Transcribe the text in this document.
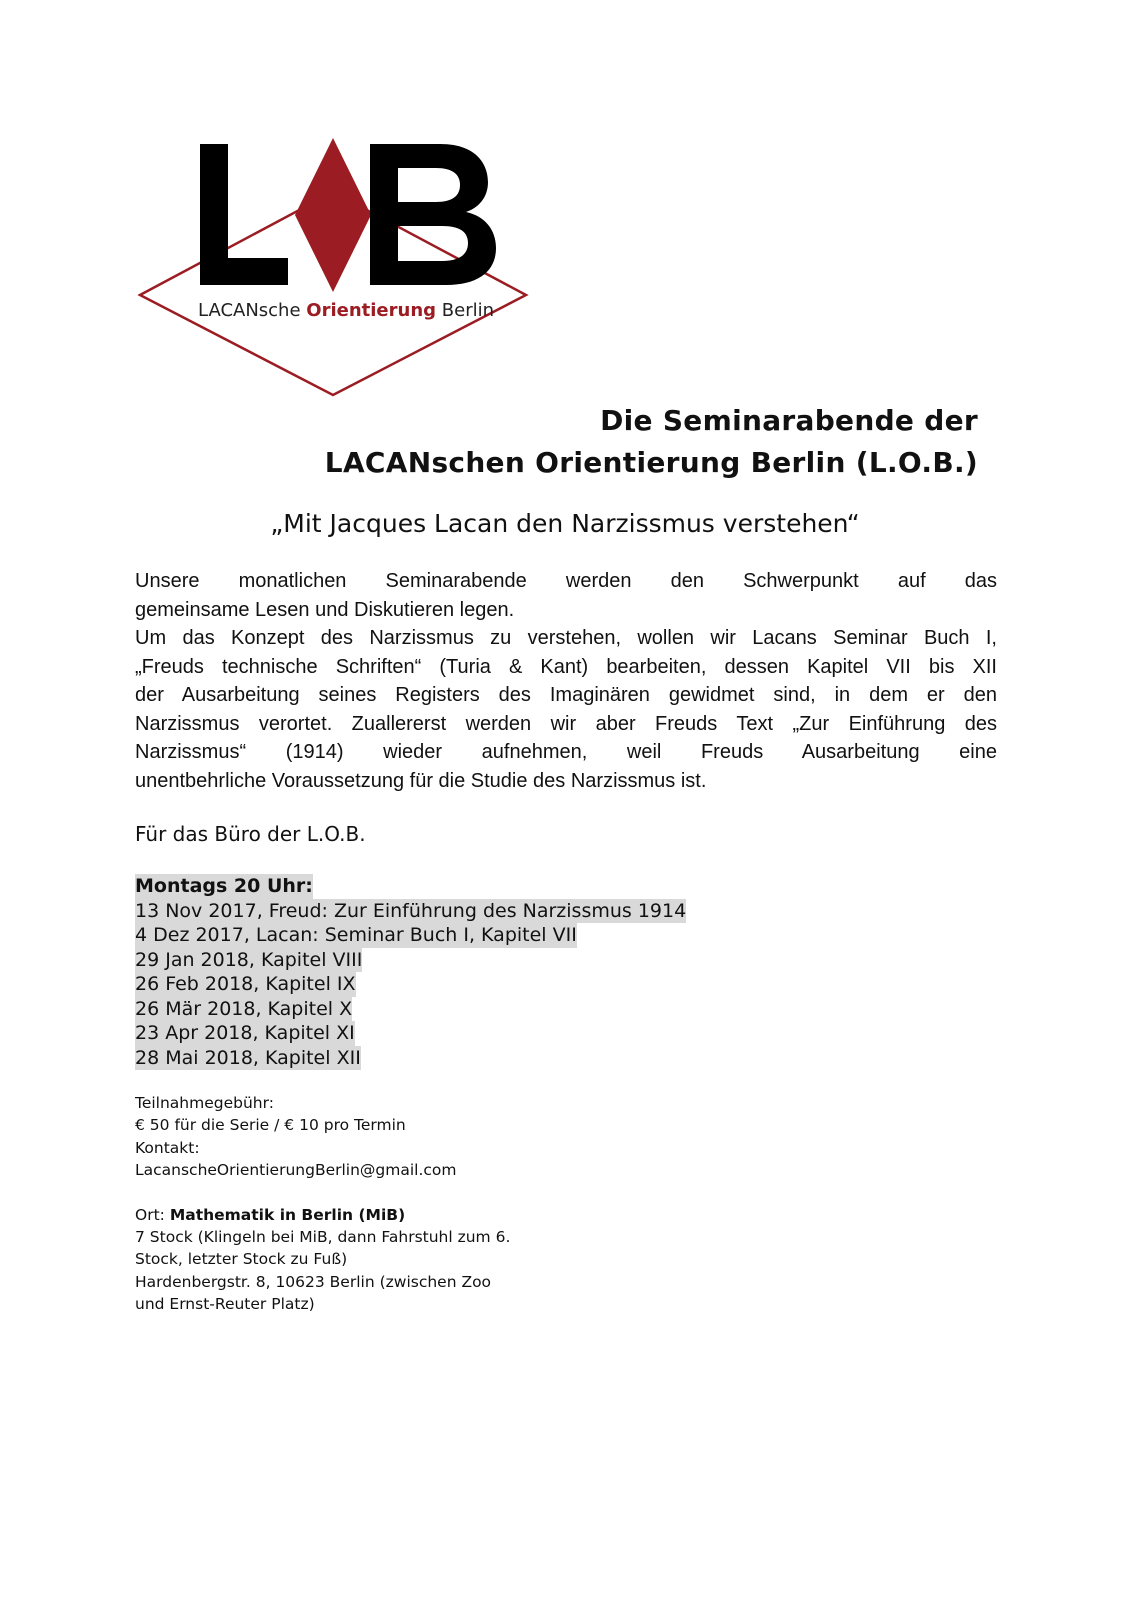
LACANsche Orientierung Berlin
Die Seminarabende der
LACANschen Orientierung Berlin (L.O.B.)
„Mit Jacques Lacan den Narzissmus verstehen“
Unsere monatlichen Seminarabende werden den Schwerpunkt auf das
gemeinsame Lesen und Diskutieren legen.
Um das Konzept des Narzissmus zu verstehen, wollen wir Lacans Seminar Buch I,
„Freuds technische Schriften“ (Turia & Kant) bearbeiten, dessen Kapitel VII bis XII
der Ausarbeitung seines Registers des Imaginären gewidmet sind, in dem er den
Narzissmus verortet. Zuallererst werden wir aber Freuds Text „Zur Einführung des
Narzissmus“ (1914) wieder aufnehmen, weil Freuds Ausarbeitung eine
unentbehrliche Voraussetzung für die Studie des Narzissmus ist.
Für das Büro der L.O.B.
Montags 20 Uhr:
13 Nov 2017, Freud: Zur Einführung des Narzissmus 1914
4 Dez 2017, Lacan: Seminar Buch I, Kapitel VII
29 Jan 2018, Kapitel VIII
26 Feb 2018, Kapitel IX
26 Mär 2018, Kapitel X
23 Apr 2018, Kapitel XI
28 Mai 2018, Kapitel XII
Teilnahmegebühr:
€ 50 für die Serie / € 10 pro Termin
Kontakt:
LacanscheOrientierungBerlin@gmail.com
Ort: Mathematik in Berlin (MiB)
7 Stock (Klingeln bei MiB, dann Fahrstuhl zum 6.
Stock, letzter Stock zu Fuß)
Hardenbergstr. 8, 10623 Berlin (zwischen Zoo
und Ernst-Reuter Platz)
